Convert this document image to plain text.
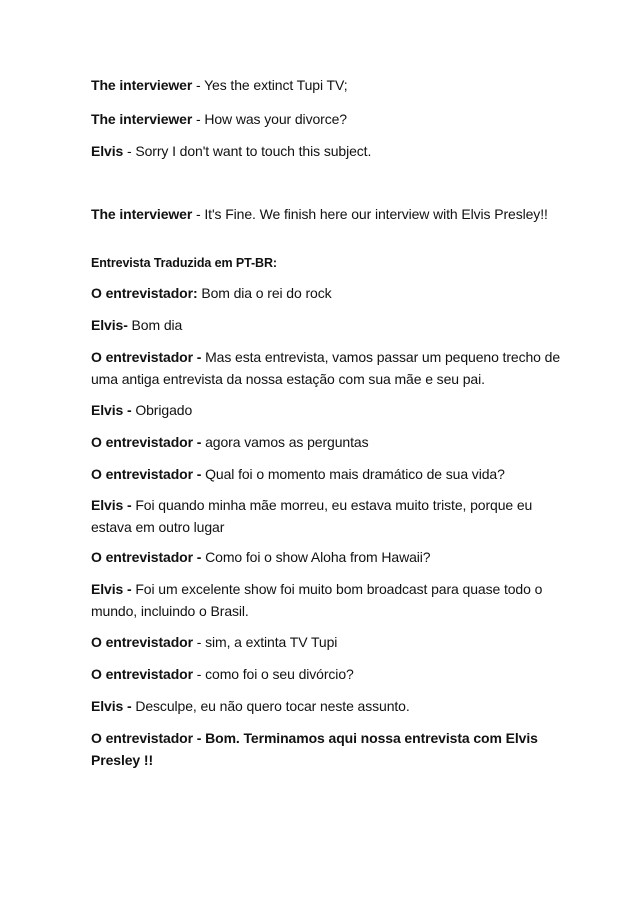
The interviewer - Yes the extinct Tupi TV;
The interviewer - How was your divorce?
Elvis - Sorry I don't want to touch this subject.
The interviewer - It's Fine. We finish here our interview with Elvis Presley!!
Entrevista Traduzida em PT-BR:
O entrevistador: Bom dia o rei do rock
Elvis- Bom dia
O entrevistador - Mas esta entrevista, vamos passar um pequeno trecho de uma antiga entrevista da nossa estação com sua mãe e seu pai.
Elvis - Obrigado
O entrevistador - agora vamos as perguntas
O entrevistador - Qual foi o momento mais dramático de sua vida?
Elvis - Foi quando minha mãe morreu, eu estava muito triste, porque eu estava em outro lugar
O entrevistador - Como foi o show Aloha from Hawaii?
Elvis - Foi um excelente show foi muito bom broadcast para quase todo o mundo, incluindo o Brasil.
O entrevistador - sim, a extinta TV Tupi
O entrevistador - como foi o seu divórcio?
Elvis - Desculpe, eu não quero tocar neste assunto.
O entrevistador - Bom. Terminamos aqui nossa entrevista com Elvis Presley !!
